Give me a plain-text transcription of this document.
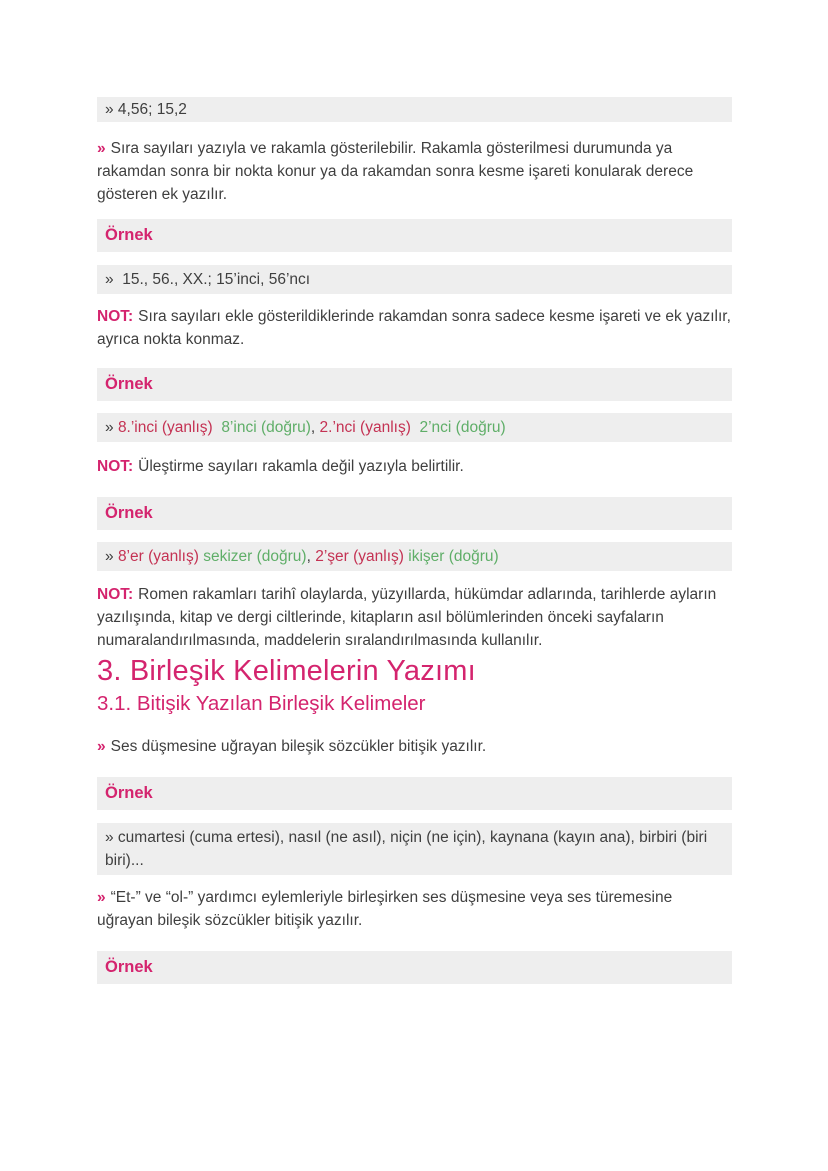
» 4,56; 15,2

» Sıra sayıları yazıyla ve rakamla gösterilebilir. Rakamla gösterilmesi durumunda ya rakamdan sonra bir nokta konur ya da rakamdan sonra kesme işareti konularak derece gösteren ek yazılır.

Örnek
»  15., 56., XX.; 15’inci, 56’ncı

NOT: Sıra sayıları ekle gösterildiklerinde rakamdan sonra sadece kesme işareti ve ek yazılır, ayrıca nokta konmaz.

Örnek
» 8.’inci (yanlış) 8’inci (doğru), 2.’nci (yanlış) 2’nci (doğru)

NOT: Üleştirme sayıları rakamla değil yazıyla belirtilir.

Örnek
» 8’er (yanlış) sekizer (doğru), 2’şer (yanlış) ikişer (doğru)

NOT: Romen rakamları tarihî olaylarda, yüzyıllarda, hükümdar adlarında, tarihlerde ayların yazılışında, kitap ve dergi ciltlerinde, kitapların asıl bölümlerinden önceki sayfaların numaralandırılmasında, maddelerin sıralandırılmasında kullanılır.

3. Birleşik Kelimelerin Yazımı
3.1. Bitişik Yazılan Birleşik Kelimeler

» Ses düşmesine uğrayan bileşik sözcükler bitişik yazılır.

Örnek
» cumartesi (cuma ertesi), nasıl (ne asıl), niçin (ne için), kaynana (kayın ana), birbiri (biri biri)...

» “Et-” ve “ol-” yardımcı eylemleriyle birleşirken ses düşmesine veya ses türemesine uğrayan bileşik sözcükler bitişik yazılır.

Örnek
